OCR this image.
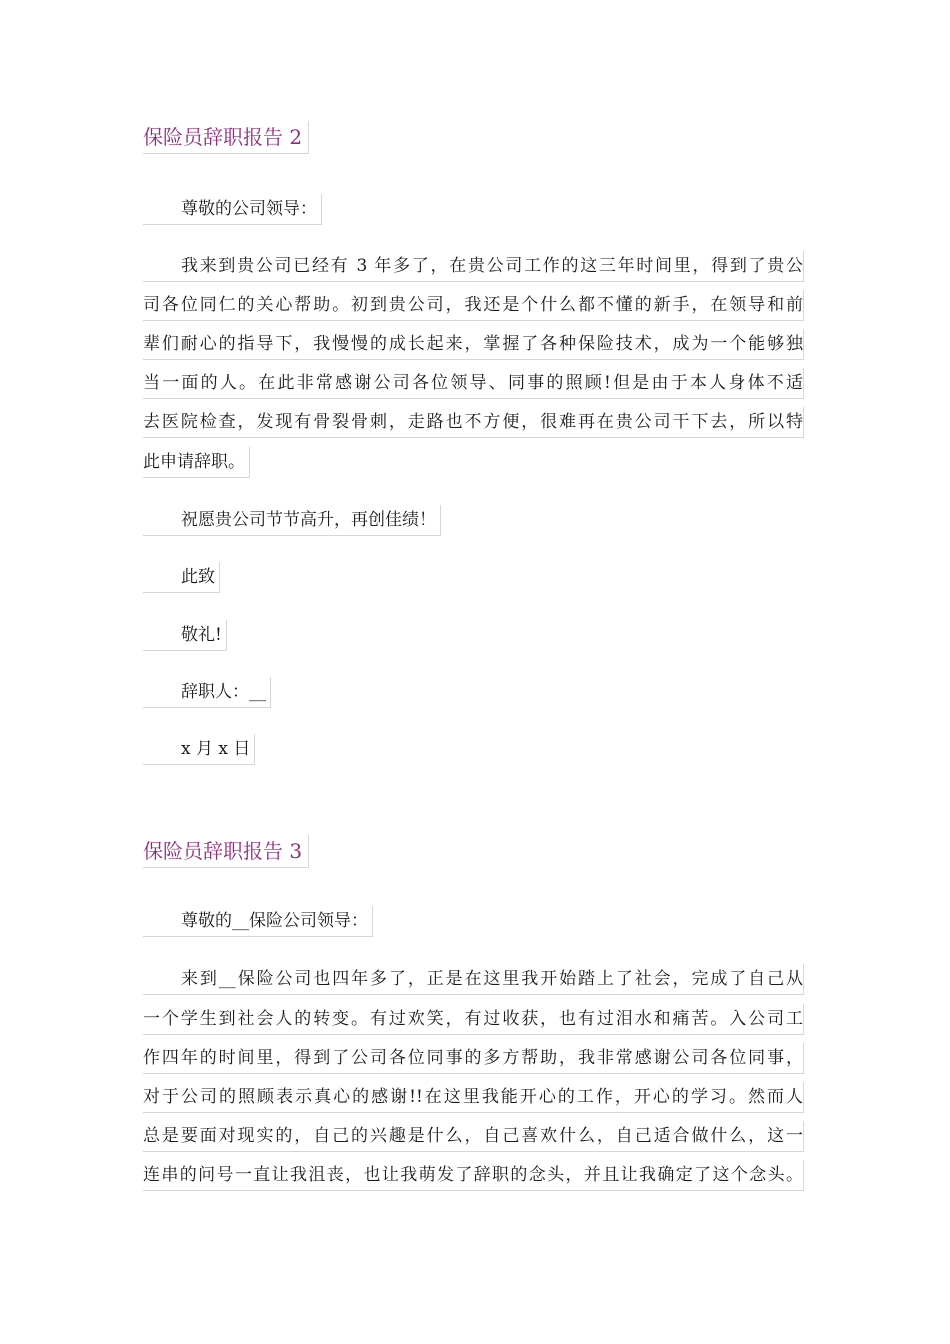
保险员辞职报告 2
尊敬的公司领导：
我来到贵公司已经有 3 年多了，在贵公司工作的这三年时间里，得到了贵公
司各位同仁的关心帮助。初到贵公司，我还是个什么都不懂的新手，在领导和前
辈们耐心的指导下，我慢慢的成长起来，掌握了各种保险技术，成为一个能够独
当一面的人。在此非常感谢公司各位领导、同事的照顾!但是由于本人身体不适
去医院检查，发现有骨裂骨刺，走路也不方便，很难再在贵公司干下去，所以特
此申请辞职。
祝愿贵公司节节高升，再创佳绩！
此致
敬礼!
辞职人：__
x 月 x 日
保险员辞职报告 3
尊敬的__保险公司领导：
来到__保险公司也四年多了，正是在这里我开始踏上了社会，完成了自己从
一个学生到社会人的转变。有过欢笑，有过收获，也有过泪水和痛苦。入公司工
作四年的时间里，得到了公司各位同事的多方帮助，我非常感谢公司各位同事，
对于公司的照顾表示真心的感谢!!在这里我能开心的工作，开心的学习。然而人
总是要面对现实的，自己的兴趣是什么，自己喜欢什么，自己适合做什么，这一
连串的问号一直让我沮丧，也让我萌发了辞职的念头，并且让我确定了这个念头。
